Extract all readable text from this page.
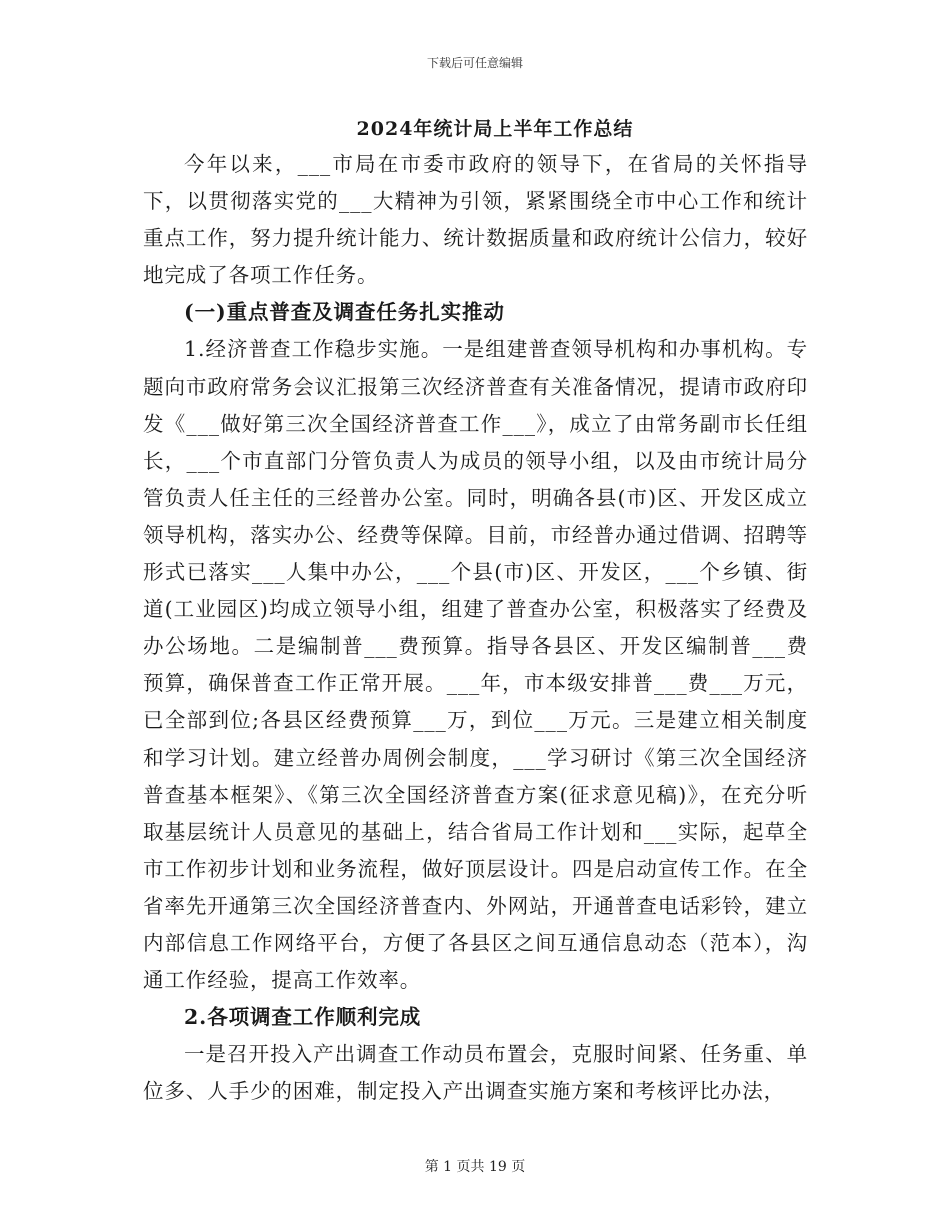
下载后可任意编辑
2024年统计局上半年工作总结

今年以来，___市局在市委市政府的领导下，在省局的关怀指导下，以贯彻落实党的___大精神为引领，紧紧围绕全市中心工作和统计重点工作，努力提升统计能力、统计数据质量和政府统计公信力，较好地完成了各项工作任务。

(一)重点普查及调查任务扎实推动

1.经济普查工作稳步实施。一是组建普查领导机构和办事机构。专题向市政府常务会议汇报第三次经济普查有关准备情况，提请市政府印发《___做好第三次全国经济普查工作___》，成立了由常务副市长任组长，___个市直部门分管负责人为成员的领导小组，以及由市统计局分管负责人任主任的三经普办公室。同时，明确各县(市)区、开发区成立领导机构，落实办公、经费等保障。目前，市经普办通过借调、招聘等形式已落实___人集中办公，___个县(市)区、开发区，___个乡镇、街道(工业园区)均成立领导小组，组建了普查办公室，积极落实了经费及办公场地。二是编制普___费预算。指导各县区、开发区编制普___费预算，确保普查工作正常开展。___年，市本级安排普___费___万元，已全部到位;各县区经费预算___万，到位___万元。三是建立相关制度和学习计划。建立经普办周例会制度，___学习研讨《第三次全国经济普查基本框架》、《第三次全国经济普查方案(征求意见稿)》，在充分听取基层统计人员意见的基础上，结合省局工作计划和___实际，起草全市工作初步计划和业务流程，做好顶层设计。四是启动宣传工作。在全省率先开通第三次全国经济普查内、外网站，开通普查电话彩铃，建立内部信息工作网络平台，方便了各县区之间互通信息动态（范本），沟通工作经验，提高工作效率。

2.各项调查工作顺利完成

一是召开投入产出调查工作动员布置会，克服时间紧、任务重、单位多、人手少的困难，制定投入产出调查实施方案和考核评比办法，

第 1 页共 19 页
